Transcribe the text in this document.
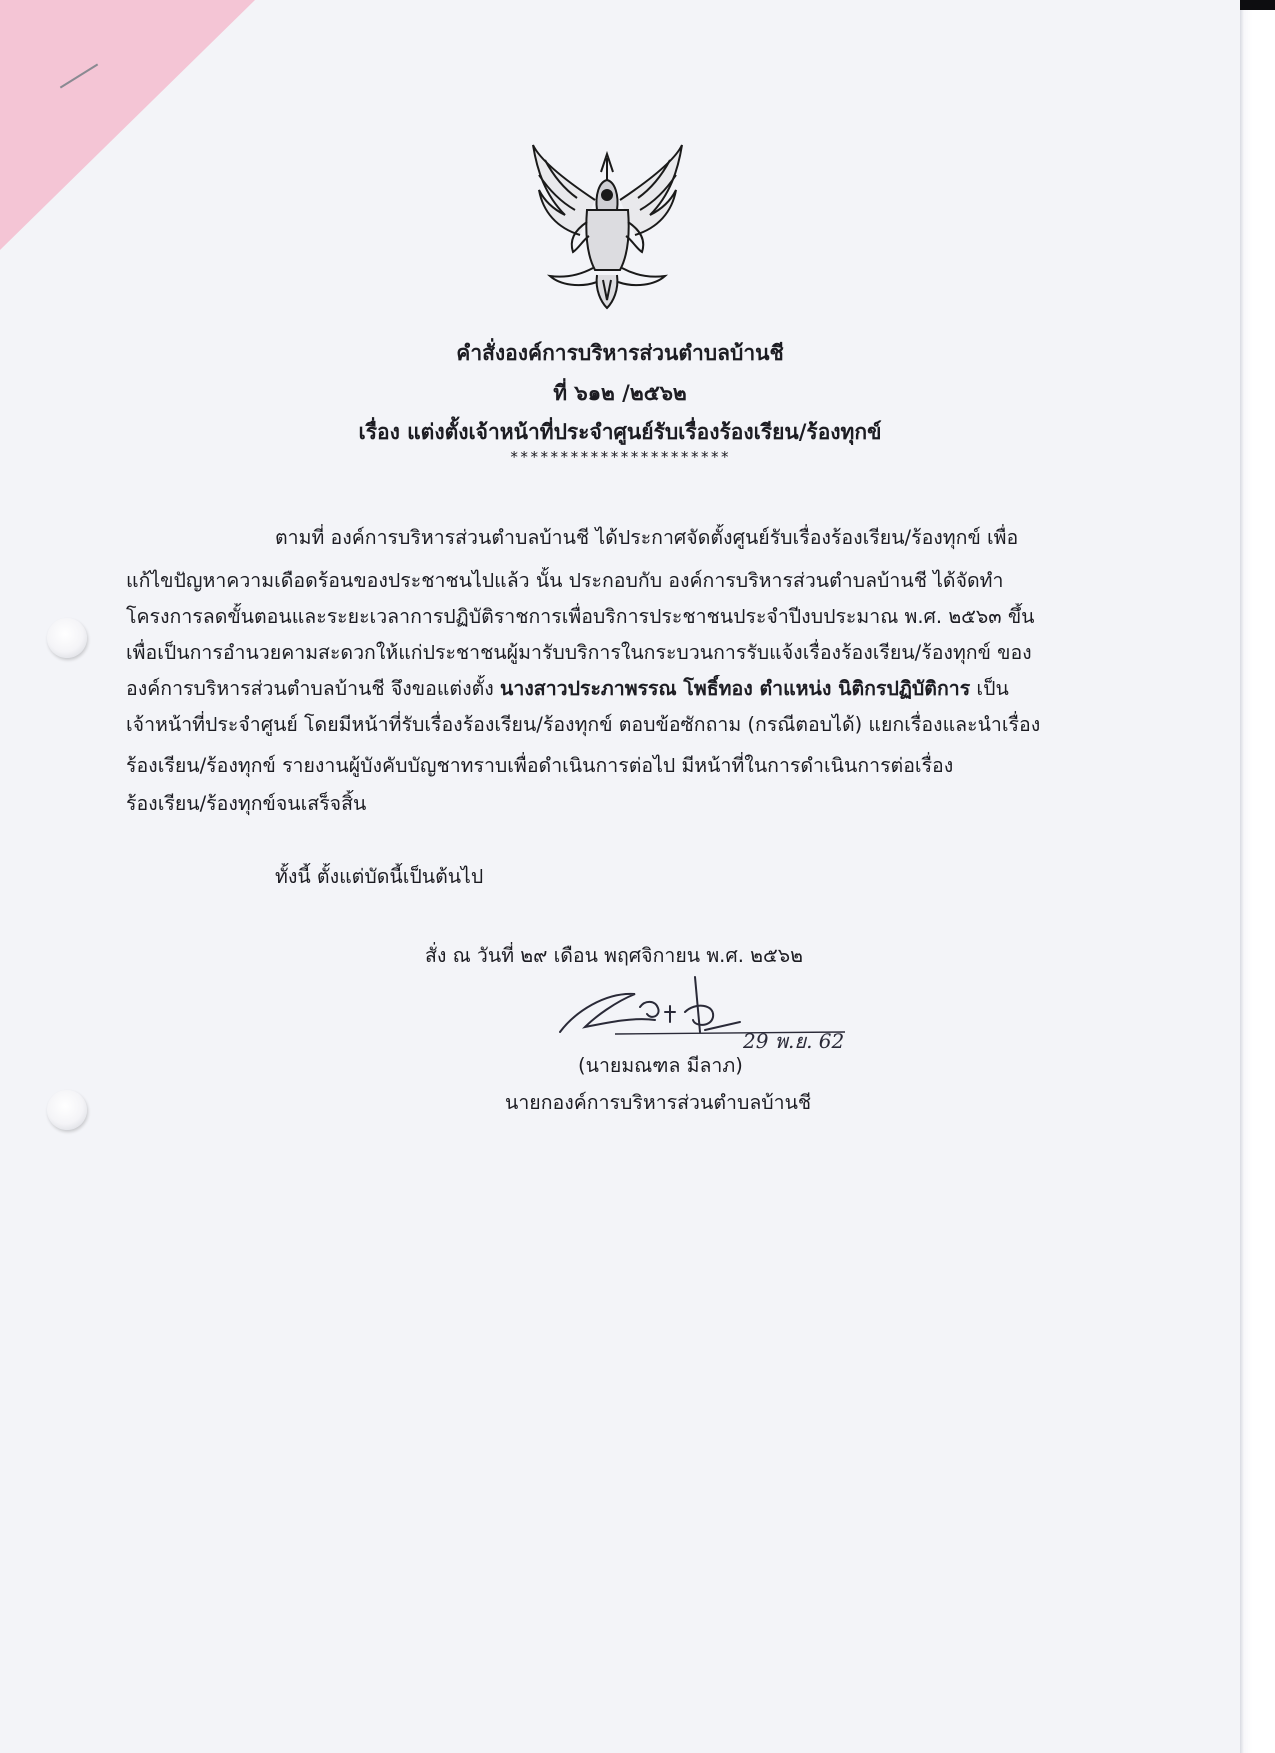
คำสั่งองค์การบริหารส่วนตำบลบ้านชี
ที่ ๖๑๒ /๒๕๖๒
เรื่อง แต่งตั้งเจ้าหน้าที่ประจำศูนย์รับเรื่องร้องเรียน/ร้องทุกข์
**********************
ตามที่ องค์การบริหารส่วนตำบลบ้านชี ได้ประกาศจัดตั้งศูนย์รับเรื่องร้องเรียน/ร้องทุกข์ เพื่อ
แก้ไขปัญหาความเดือดร้อนของประชาชนไปแล้ว นั้น ประกอบกับ องค์การบริหารส่วนตำบลบ้านชี ได้จัดทำ
โครงการลดขั้นตอนและระยะเวลาการปฏิบัติราชการเพื่อบริการประชาชนประจำปีงบประมาณ พ.ศ. ๒๕๖๓ ขึ้น
เพื่อเป็นการอำนวยคามสะดวกให้แก่ประชาชนผู้มารับบริการในกระบวนการรับแจ้งเรื่องร้องเรียน/ร้องทุกข์ ของ
องค์การบริหารส่วนตำบลบ้านชี จึงขอแต่งตั้ง นางสาวประภาพรรณ โพธิ์ทอง ตำแหน่ง นิติกรปฏิบัติการ เป็น
เจ้าหน้าที่ประจำศูนย์ โดยมีหน้าที่รับเรื่องร้องเรียน/ร้องทุกข์ ตอบข้อซักถาม (กรณีตอบได้) แยกเรื่องและนำเรื่อง
ร้องเรียน/ร้องทุกข์ รายงานผู้บังคับบัญชาทราบเพื่อดำเนินการต่อไป มีหน้าที่ในการดำเนินการต่อเรื่อง
ร้องเรียน/ร้องทุกข์จนเสร็จสิ้น
ทั้งนี้ ตั้งแต่บัดนี้เป็นต้นไป
สั่ง ณ วันที่ ๒๙ เดือน พฤศจิกายน พ.ศ. ๒๕๖๒
29 พ.ย. 62
(นายมณฑล มีลาภ)
นายกองค์การบริหารส่วนตำบลบ้านชี
